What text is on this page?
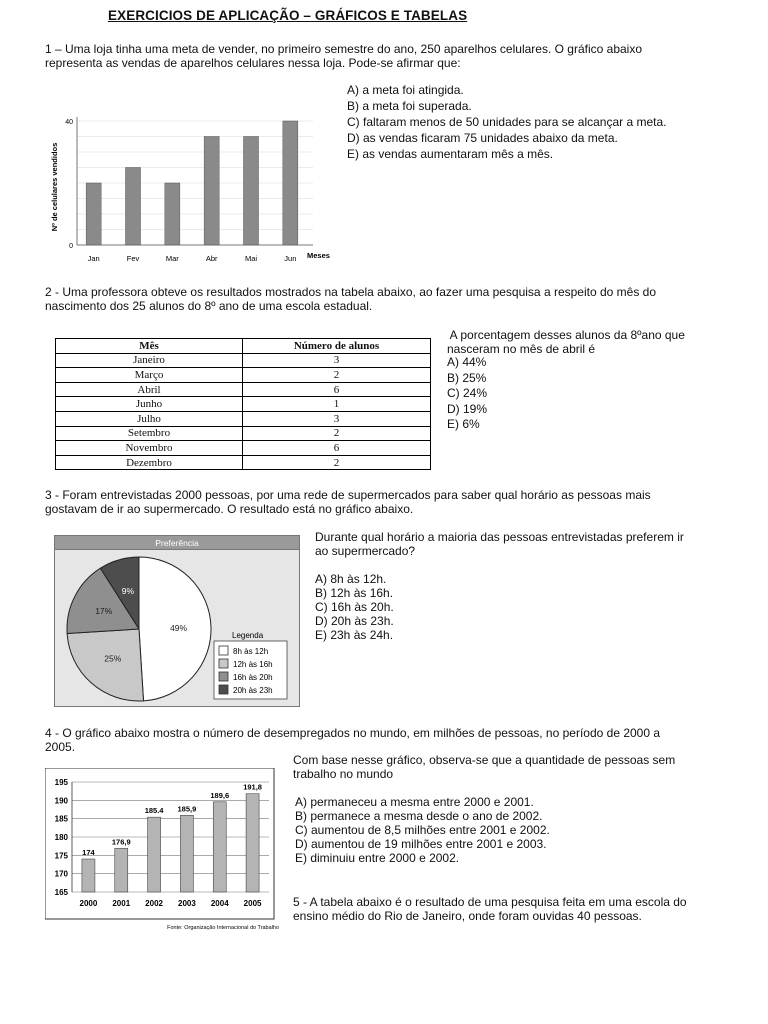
EXERCICIOS DE APLICAÇÃO – GRÁFICOS E TABELAS
1 – Uma loja tinha uma meta de vender, no primeiro semestre do ano, 250 aparelhos celulares. O gráfico abaixo
representa as vendas de aparelhos celulares nessa loja. Pode-se afirmar que:
Jan	Fev	Mar	Abr	Mai	Jun
40
0
Nº de celulares vendidos
Meses
A) a meta foi atingida.
B) a meta foi superada.
C) faltaram menos de 50 unidades para se alcançar a meta.
D) as vendas ficaram 75 unidades abaixo da meta.
E) as vendas aumentaram mês a mês.
2 - Uma professora obteve os resultados mostrados na tabela abaixo, ao fazer uma pesquisa a respeito do mês do
nascimento dos 25 alunos do 8º ano de uma escola estadual.
Mês	Número de alunos
Janeiro	3
Março	2
Abril	6
Junho	1
Julho	3
Setembro	2
Novembro	6
Dezembro	2
A porcentagem desses alunos da 8ºano que
nasceram no mês de abril é
A) 44%
B) 25%
C) 24%
D) 19%
E) 6%
3 - Foram entrevistadas 2000 pessoas, por uma rede de supermercados para saber qual horário as pessoas mais
gostavam de ir ao supermercado. O resultado está no gráfico abaixo.
Preferência
49%
25%
17%
9%
Legenda
8h às 12h
12h às 16h
16h às 20h
20h às 23h
Durante qual horário a maioria das pessoas entrevistadas preferem ir
ao supermercado?
A) 8h às 12h.
B) 12h às 16h.
C) 16h às 20h.
D) 20h às 23h.
E) 23h às 24h.
4 - O gráfico abaixo mostra o número de desempregados no mundo, em milhões de pessoas, no período de 2000 a
2005.
165
170
175
180
185
190
195
174
176,9
185.4 185,9
189,6
191,8
2000 2001 2002 2003 2004 2005
Fonte: Organização Internacional do Trabalho
Com base nesse gráfico, observa-se que a quantidade de pessoas sem
trabalho no mundo
A) permaneceu a mesma entre 2000 e 2001.
B) permanece a mesma desde o ano de 2002.
C) aumentou de 8,5 milhões entre 2001 e 2002.
D) aumentou de 19 milhões entre 2001 e 2003.
E) diminuiu entre 2000 e 2002.
5 - A tabela abaixo é o resultado de uma pesquisa feita em uma escola do
ensino médio do Rio de Janeiro, onde foram ouvidas 40 pessoas.
